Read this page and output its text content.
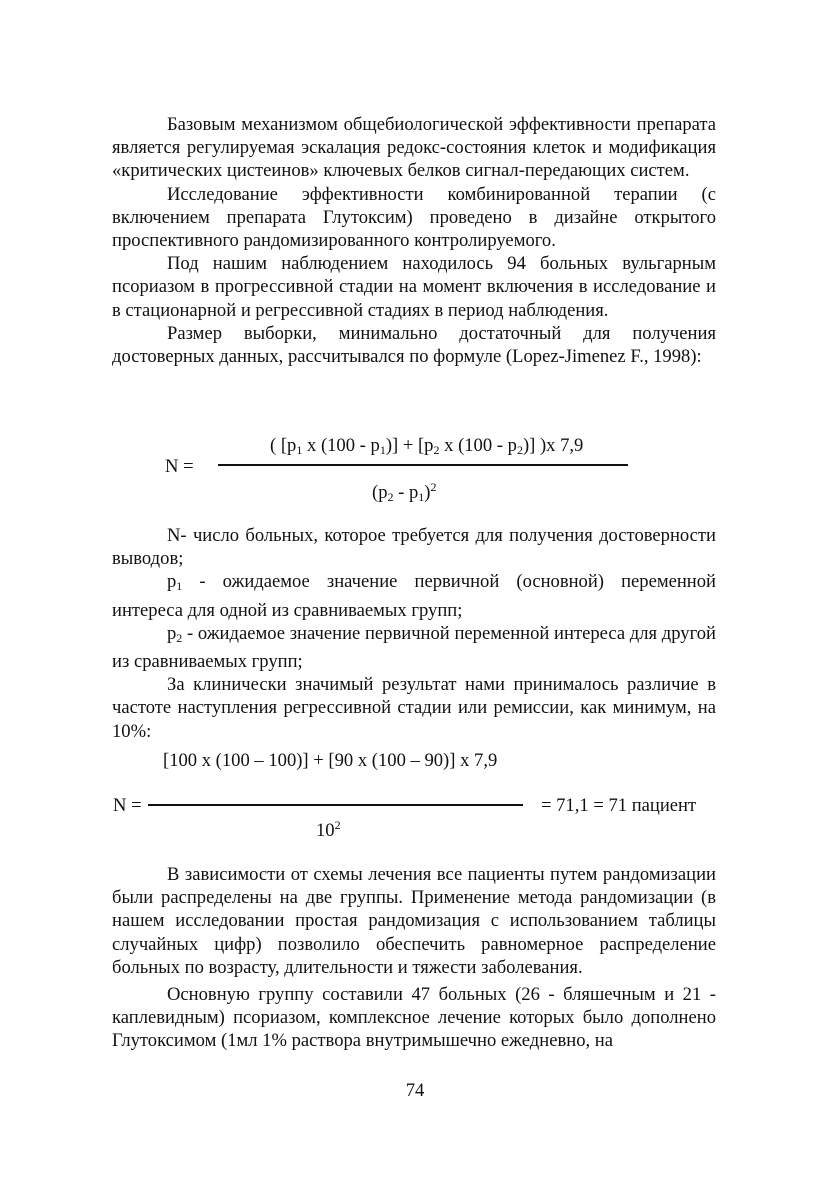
Базовым механизмом общебиологической эффективности препарата является регулируемая эскалация редокс-состояния клеток и модификация «критических цистеинов» ключевых белков сигнал-передающих систем.

Исследование эффективности комбинированной терапии (с включением препарата Глутоксим) проведено в дизайне открытого проспективного рандомизированного контролируемого.

Под нашим наблюдением находилось 94 больных вульгарным псориазом в прогрессивной стадии на момент включения в исследование и в стационарной и регрессивной стадиях в период наблюдения.

Размер выборки, минимально достаточный для получения достоверных данных, рассчитывался по формуле (Lopez-Jimenez F., 1998):

( [$p_1$ x $(100 - p_1)] + [p_2$ x $(100 - p_2)$] )x 7,9
N =
$(p_2 - p_1)^2$

N- число больных, которое требуется для получения достоверности выводов;

$p_1$ - ожидаемое значение первичной (основной) переменной интереса для одной из сравниваемых групп;

$p_2$ - ожидаемое значение первичной переменной интереса для другой из сравниваемых групп;

За клинически значимый результат нами принималось различие в частоте наступления регрессивной стадии или ремиссии, как минимум, на 10%:

[100 x (100 – 100)] + [90 x (100 – 90)] x 7,9
N =	= 71,1 = 71 пациент
$10^2$

В зависимости от схемы лечения все пациенты путем рандомизации были распределены на две группы. Применение метода рандомизации (в нашем исследовании простая рандомизация с использованием таблицы случайных цифр) позволило обеспечить равномерное распределение больных по возрасту, длительности и тяжести заболевания.

Основную группу составили 47 больных (26 - бляшечным и 21 - каплевидным) псориазом, комплексное лечение которых было дополнено Глутоксимом (1мл 1% раствора внутримышечно ежедневно, на

74
